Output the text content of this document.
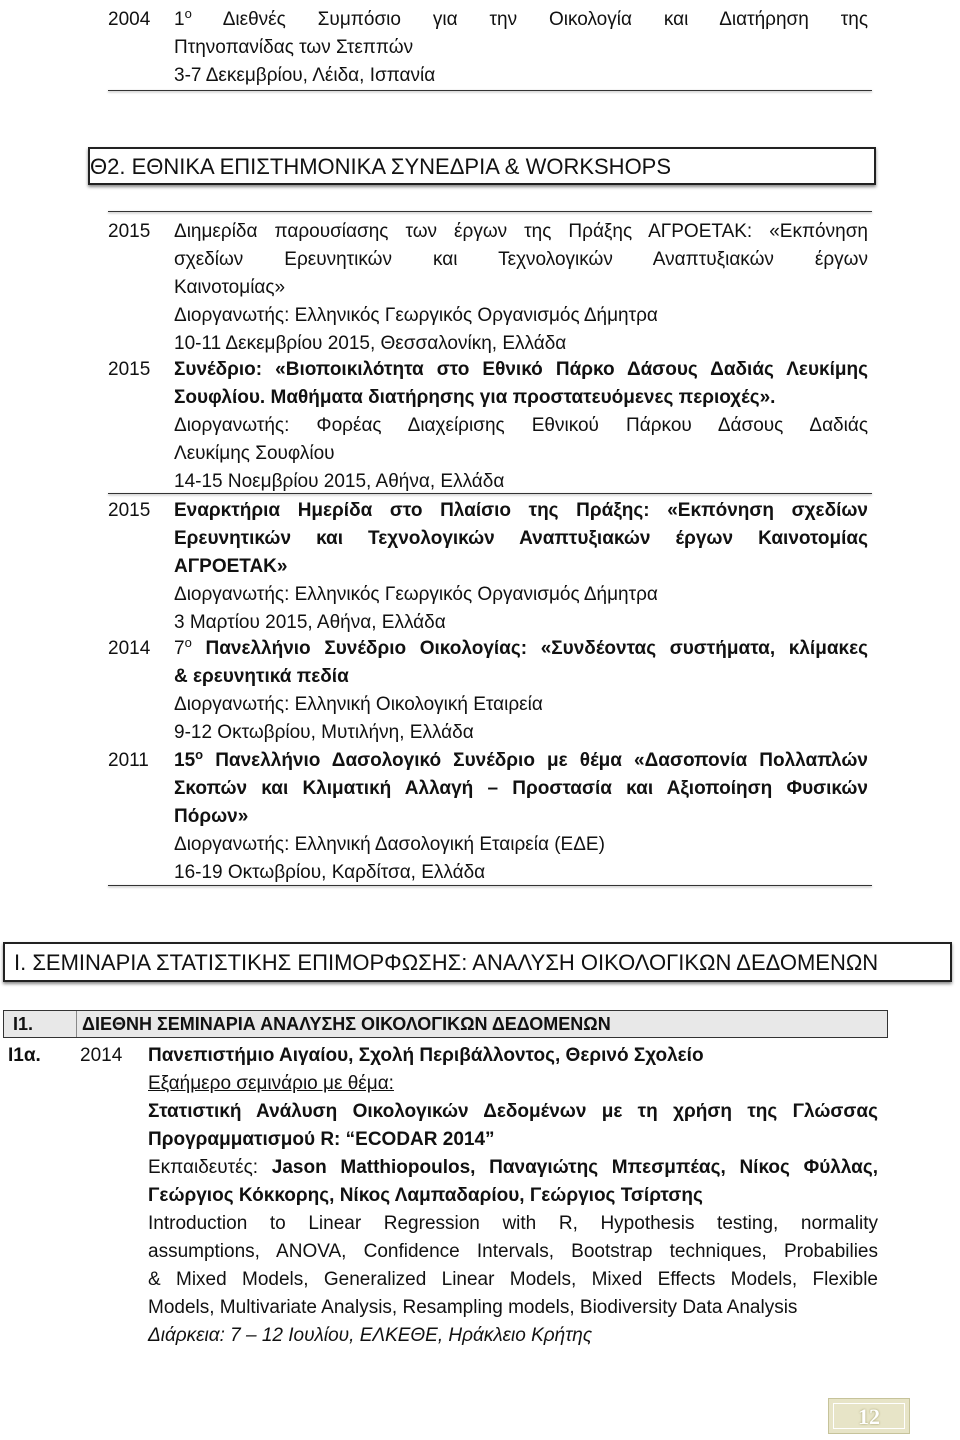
2004 $1^o$ Διεθνές Συμπόσιο για την Οικολογία και Διατήρηση της
Πτηνοπανίδας των Στεππών
3-7 Δεκεμβρίου, Λέιδα, Ισπανία
Θ2. ΕΘΝΙΚΑ ΕΠΙΣΤΗΜΟΝΙΚΑ ΣΥΝΕΔΡΙΑ & WORKSHOPS
2015 Διημερίδα παρουσίασης των έργων της Πράξης ΑΓΡΟΕΤΑΚ: «Εκπόνηση
σχεδίων Ερευνητικών και Τεχνολογικών Αναπτυξιακών έργων
Καινοτομίας»
Διοργανωτής: Ελληνικός Γεωργικός Οργανισμός Δήμητρα
10-11 Δεκεμβρίου 2015, Θεσσαλονίκη, Ελλάδα
2015 Συνέδριο: «Βιοποικιλότητα στο Εθνικό Πάρκο Δάσους Δαδιάς Λευκίμης
Σουφλίου. Μαθήματα διατήρησης για προστατευόμενες περιοχές».
Διοργανωτής: Φορέας Διαχείρισης Εθνικού Πάρκου Δάσους Δαδιάς
Λευκίμης Σουφλίου
14-15 Νοεμβρίου 2015, Αθήνα, Ελλάδα
2015 Εναρκτήρια Ημερίδα στο Πλαίσιο της Πράξης: «Εκπόνηση σχεδίων
Ερευνητικών και Τεχνολογικών Αναπτυξιακών έργων Καινοτομίας
ΑΓΡΟΕΤΑΚ»
Διοργανωτής: Ελληνικός Γεωργικός Οργανισμός Δήμητρα
3 Μαρτίου 2015, Αθήνα, Ελλάδα
2014 $7^o$ Πανελλήνιο Συνέδριο Οικολογίας: «Συνδέοντας συστήματα, κλίμακες
& ερευνητικά πεδία
Διοργανωτής: Ελληνική Οικολογική Εταιρεία
9-12 Οκτωβρίου, Μυτιλήνη, Ελλάδα
2011 $15^o$ Πανελλήνιο Δασολογικό Συνέδριο με θέμα «Δασοπονία Πολλαπλών
Σκοπών και Κλιματική Αλλαγή – Προστασία και Αξιοποίηση Φυσικών
Πόρων»
Διοργανωτής: Ελληνική Δασολογική Εταιρεία (ΕΔΕ)
16-19 Οκτωβρίου, Καρδίτσα, Ελλάδα
Ι. ΣΕΜΙΝΑΡΙΑ ΣΤΑΤΙΣΤΙΚΗΣ ΕΠΙΜΟΡΦΩΣΗΣ: ΑΝΑΛΥΣΗ ΟΙΚΟΛΟΓΙΚΩΝ ΔΕΔΟΜΕΝΩΝ
Ι1.	ΔΙΕΘΝΗ ΣΕΜΙΝΑΡΙΑ ΑΝΑΛΥΣΗΣ ΟΙΚΟΛΟΓΙΚΩΝ ΔΕΔΟΜΕΝΩΝ
Ι1α. 2014 Πανεπιστήμιο Αιγαίου, Σχολή Περιβάλλοντος, Θερινό Σχολείο
Εξαήμερο σεμινάριο με θέμα:
Στατιστική Ανάλυση Οικολογικών Δεδομένων με τη χρήση της Γλώσσας
Προγραμματισμού R: “ECODAR 2014”
Εκπαιδευτές: Jason Matthiopoulos, Παναγιώτης Μπεσμπέας, Νίκος Φύλλας,
Γεώργιος Κόκκορης, Νίκος Λαμπαδαρίου, Γεώργιος Τσίρτσης
Introduction to Linear Regression with R, Hypothesis testing, normality
assumptions, ANOVA, Confidence Intervals, Bootstrap techniques, Probabilies
& Mixed Models, Generalized Linear Models, Mixed Effects Models, Flexible
Models, Multivariate Analysis, Resampling models, Biodiversity Data Analysis
Διάρκεια: 7 – 12 Ιουλίου, ΕΛΚΕΘΕ, Ηράκλειο Κρήτης
12
